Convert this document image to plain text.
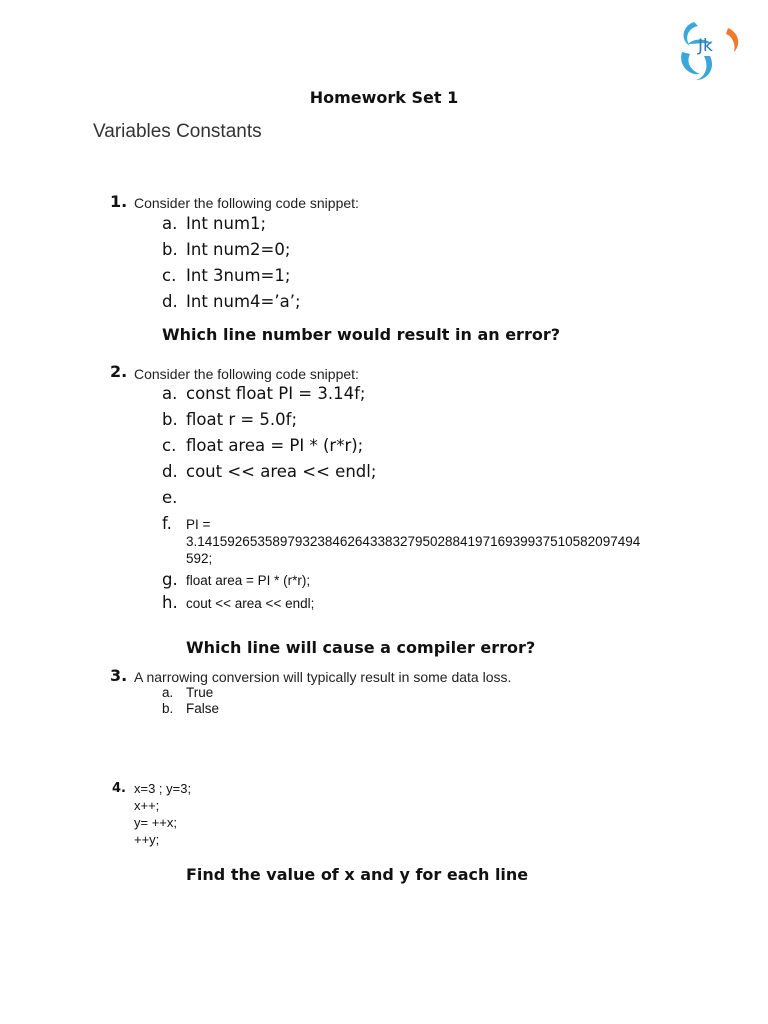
Jk
Homework Set 1
Variables Constants
1. Consider the following code snippet:
a. Int num1;
b. Int num2=0;
c. Int 3num=1;
d. Int num4=’a’;
Which line number would result in an error?
2. Consider the following code snippet:
a. const float PI = 3.14f;
b. float r = 5.0f;
c. float area = PI * (r*r);
d. cout << area << endl;
e.
f. PI =
3.14159265358979323846264338327950288419716939937510582097494
592;
g. float area = PI * (r*r);
h. cout << area << endl;
Which line will cause a compiler error?
3. A narrowing conversion will typically result in some data loss.
a. True
b. False
4. x=3 ; y=3;
x++;
y= ++x;
++y;
Find the value of x and y for each line
